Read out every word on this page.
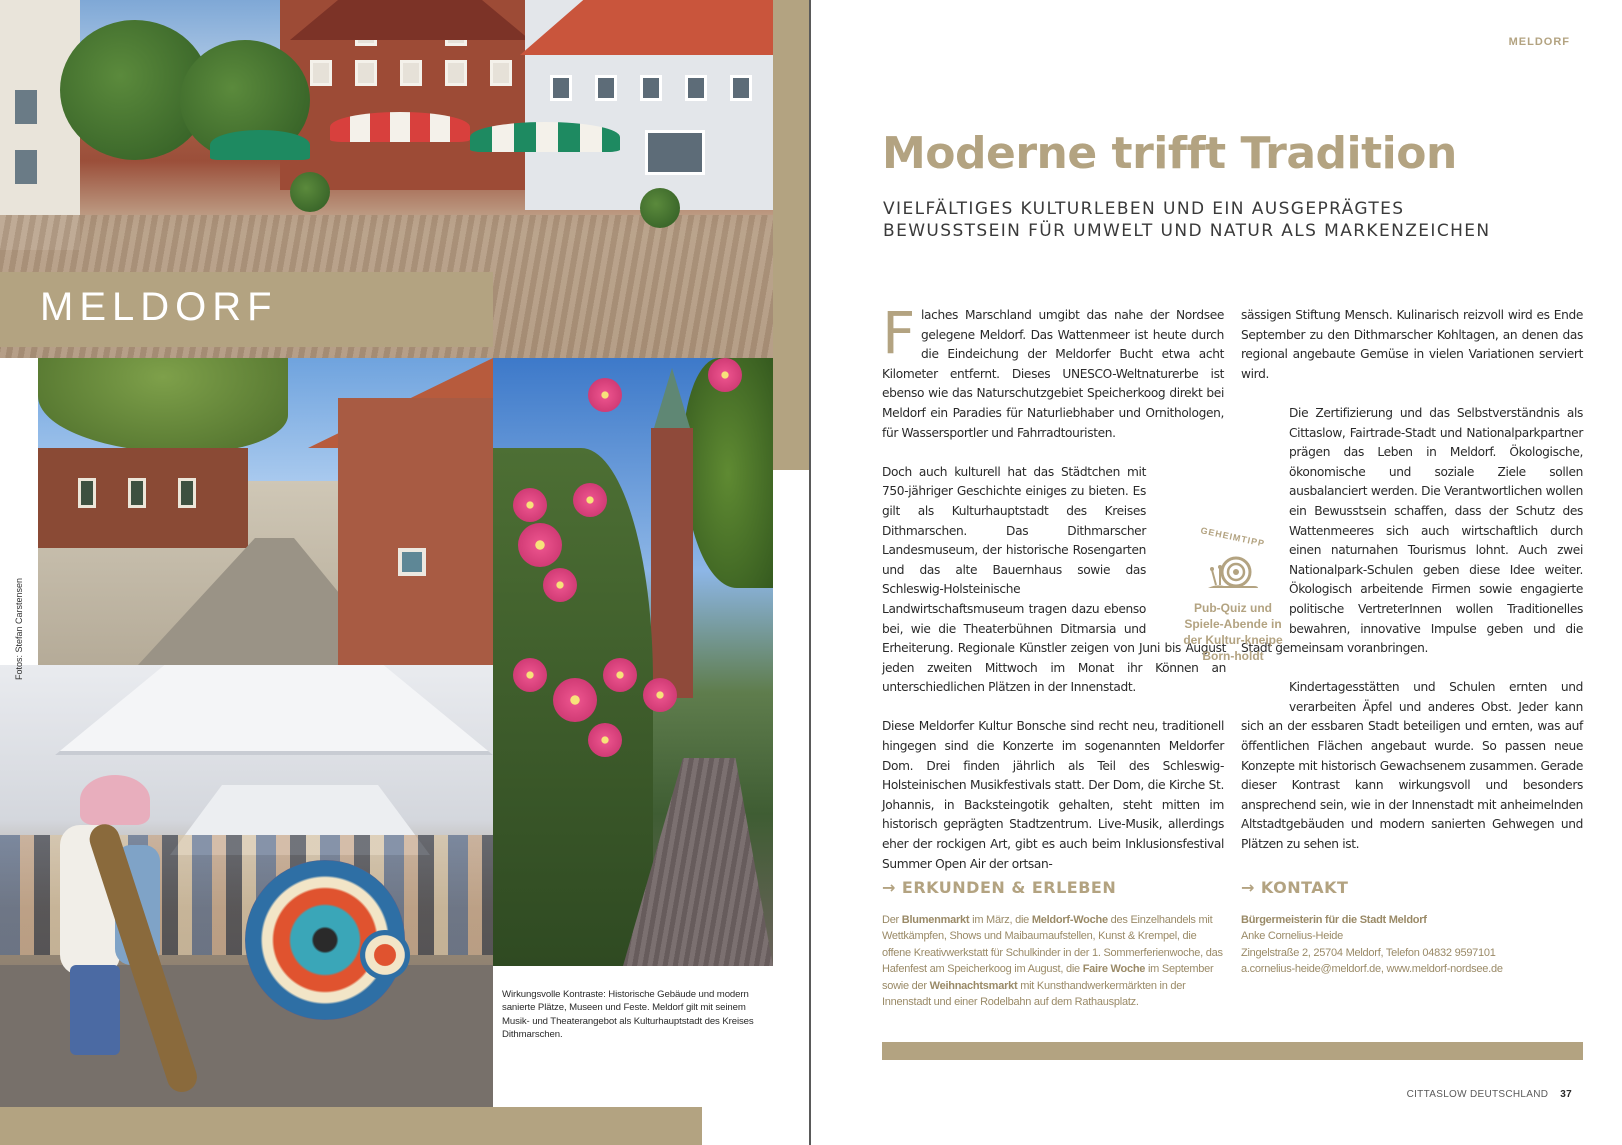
MELDORF
Fotos: Stefan Carstensen
Wirkungsvolle Kontraste: Historische Gebäude und modern sanierte Plätze, Museen und Feste. Meldorf gilt mit seinem Musik- und Theaterangebot als Kulturhauptstadt des Kreises Dithmarschen.
MELDORF
Moderne trifft Tradition
VIELFÄLTIGES KULTURLEBEN UND EIN AUSGEPRÄGTES
BEWUSSTSEIN FÜR UMWELT UND NATUR ALS MARKENZEICHEN

Flaches Marschland umgibt das nahe der Nordsee gelegene Meldorf. Das Wattenmeer ist heute durch die Eindeichung der Meldorfer Bucht etwa acht Kilometer entfernt. Dieses UNESCO-Weltnaturerbe ist ebenso wie das Naturschutzgebiet Speicherkoog direkt bei Meldorf ein Paradies für Naturliebhaber und Ornithologen, für Wassersportler und Fahrradtouristen.

Doch auch kulturell hat das Städtchen mit 750-jähriger Geschichte einiges zu bieten. Es gilt als Kulturhauptstadt des Kreises Dithmarschen. Das Dithmarscher Landesmuseum, der historische Rosengarten und das alte Bauernhaus sowie das Schleswig-Holsteinische Landwirtschaftsmuseum tragen dazu ebenso bei, wie die Theaterbühnen Ditmarsia und Erheiterung. Regionale Künstler zeigen von Juni bis August jeden zweiten Mittwoch im Monat ihr Können an unterschiedlichen Plätzen in der Innenstadt.

Diese Meldorfer Kultur Bonsche sind recht neu, traditionell hingegen sind die Konzerte im sogenannten Meldorfer Dom. Drei finden jährlich als Teil des Schleswig-Holsteinischen Musikfestivals statt. Der Dom, die Kirche St. Johannis, in Backsteingotik gehalten, steht mitten im historisch geprägten Stadtzentrum. Live-Musik, allerdings eher der rockigen Art, gibt es auch beim Inklusionsfestival Summer Open Air der ortsan-

sässigen Stiftung Mensch. Kulinarisch reizvoll wird es Ende September zu den Dithmarscher Kohltagen, an denen das regional angebaute Gemüse in vielen Variationen serviert wird.

Die Zertifizierung und das Selbstverständnis als Cittaslow, Fairtrade-Stadt und Nationalparkpartner prägen das Leben in Meldorf. Ökologische, ökonomische und soziale Ziele sollen ausbalanciert werden. Die Verantwortlichen wollen ein Bewusstsein schaffen, dass der Schutz des Wattenmeeres sich auch wirtschaftlich durch einen naturnahen Tourismus lohnt. Auch zwei Nationalpark-Schulen geben diese Idee weiter. Ökologisch arbeitende Firmen sowie engagierte politische VertreterInnen wollen Traditionelles bewahren, innovative Impulse geben und die Stadt gemeinsam voranbringen.

Kindertagesstätten und Schulen ernten und verarbeiten Äpfel und anderes Obst. Jeder kann sich an der essbaren Stadt beteiligen und ernten, was auf öffentlichen Flächen angebaut wurde. So passen neue Konzepte mit historisch Gewachsenem zusammen. Gerade dieser Kontrast kann wirkungsvoll und besonders ansprechend sein, wie in der Innenstadt mit anheimelnden Altstadtgebäuden und modern sanierten Gehwegen und Plätzen zu sehen ist.

GEHEIMTIPP
Pub-Quiz und Spiele-Abende in der Kultur-kneipe Born-holdt
→ ERKUNDEN & ERLEBEN
Der Blumenmarkt im März, die Meldorf-Woche des Einzelhandels mit Wettkämpfen, Shows und Maibaumaufstellen, Kunst & Krempel, die offene Kreativwerkstatt für Schulkinder in der 1. Sommerferienwoche, das Hafenfest am Speicherkoog im August, die Faire Woche im September sowie der Weihnachtsmarkt mit Kunsthandwerkermärkten in der Innenstadt und einer Rodelbahn auf dem Rathausplatz.
→ KONTAKT
Bürgermeisterin für die Stadt Meldorf
Anke Cornelius-Heide
Zingelstraße 2, 25704 Meldorf, Telefon 04832 9597101
a.cornelius-heide@meldorf.de, www.meldorf-nordsee.de
CITTASLOW DEUTSCHLAND 37
